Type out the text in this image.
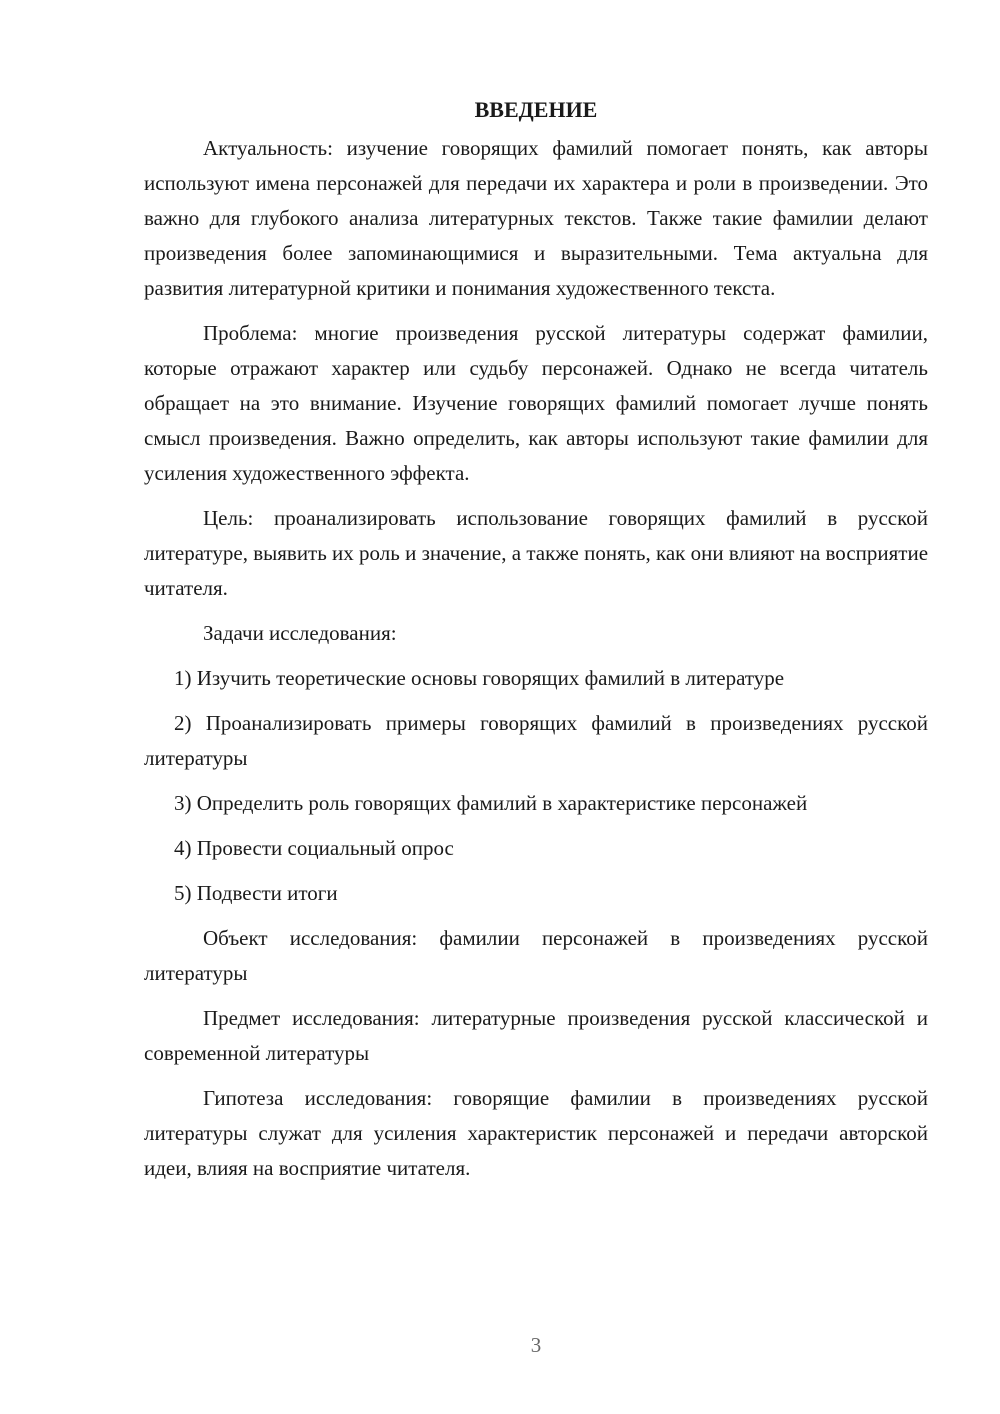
ВВЕДЕНИЕ

Актуальность: изучение говорящих фамилий помогает понять, как авторы используют имена персонажей для передачи их характера и роли в произведении. Это важно для глубокого анализа литературных текстов. Также такие фамилии делают произведения более запоминающимися и выразительными. Тема актуальна для развития литературной критики и понимания художественного текста.

Проблема: многие произведения русской литературы содержат фамилии, которые отражают характер или судьбу персонажей. Однако не всегда читатель обращает на это внимание. Изучение говорящих фамилий помогает лучше понять смысл произведения. Важно определить, как авторы используют такие фамилии для усиления художественного эффекта.

Цель: проанализировать использование говорящих фамилий в русской литературе, выявить их роль и значение, а также понять, как они влияют на восприятие читателя.

Задачи исследования:

1) Изучить теоретические основы говорящих фамилий в литературе

2) Проанализировать примеры говорящих фамилий в произведениях русской литературы

3) Определить роль говорящих фамилий в характеристике персонажей

4) Провести социальный опрос

5) Подвести итоги

Объект исследования: фамилии персонажей в произведениях русской литературы

Предмет исследования: литературные произведения русской классической и современной литературы

Гипотеза исследования: говорящие фамилии в произведениях русской литературы служат для усиления характеристик персонажей и передачи авторской идеи, влияя на восприятие читателя.

3
